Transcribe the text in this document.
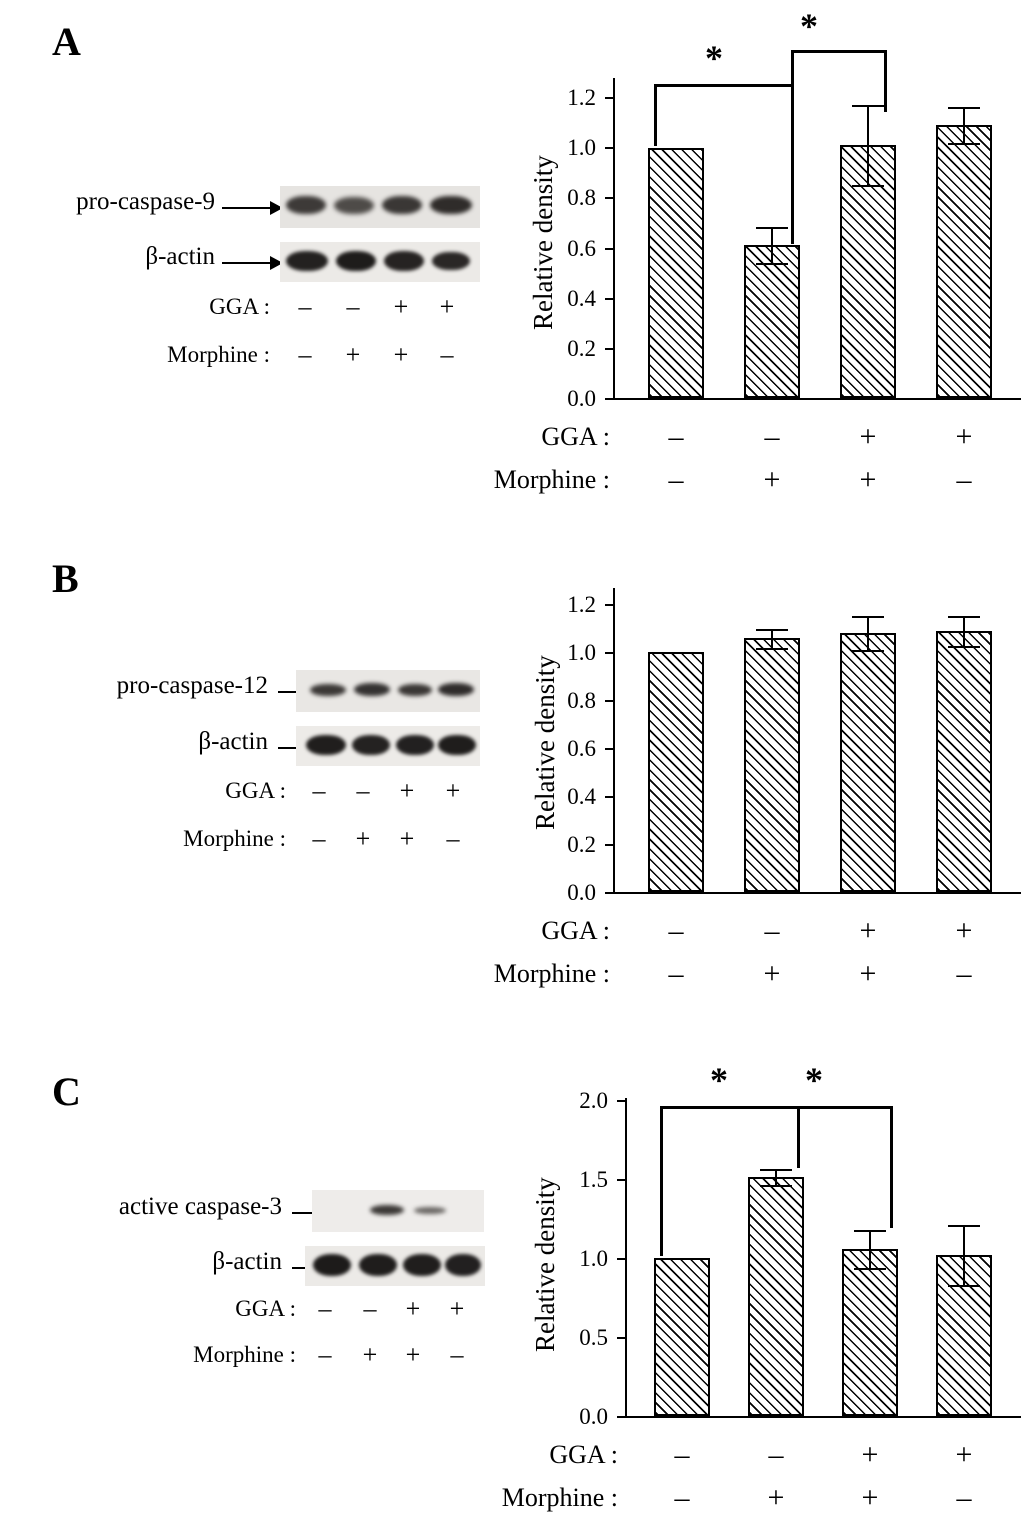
A
pro-caspase-9
β-actin
GGA :	–	–	+ +
Morphine :	–	+ +	–
Relative density
0.0
0.2
0.4
0.6
0.8
1.0
1.2
*
*
GGA :	–	–	+	+
Morphine :	–	+	+	–
B
pro-caspase-12
β-actin
GGA :	–	–	+ +
Morphine :	–	+ +	–
Relative density
0.0
0.2
0.4
0.6
0.8
1.0
1.2
GGA :	–	–	+	+
Morphine :	–	+	+	–
C
active caspase-3
β-actin
GGA : –	–	+ +
Morphine : –	+ +	–
Relative density
0.0
0.5
1.0
1.5
2.0
* *
GGA :	–	–	+	+
Morphine :	–	+	+	–
